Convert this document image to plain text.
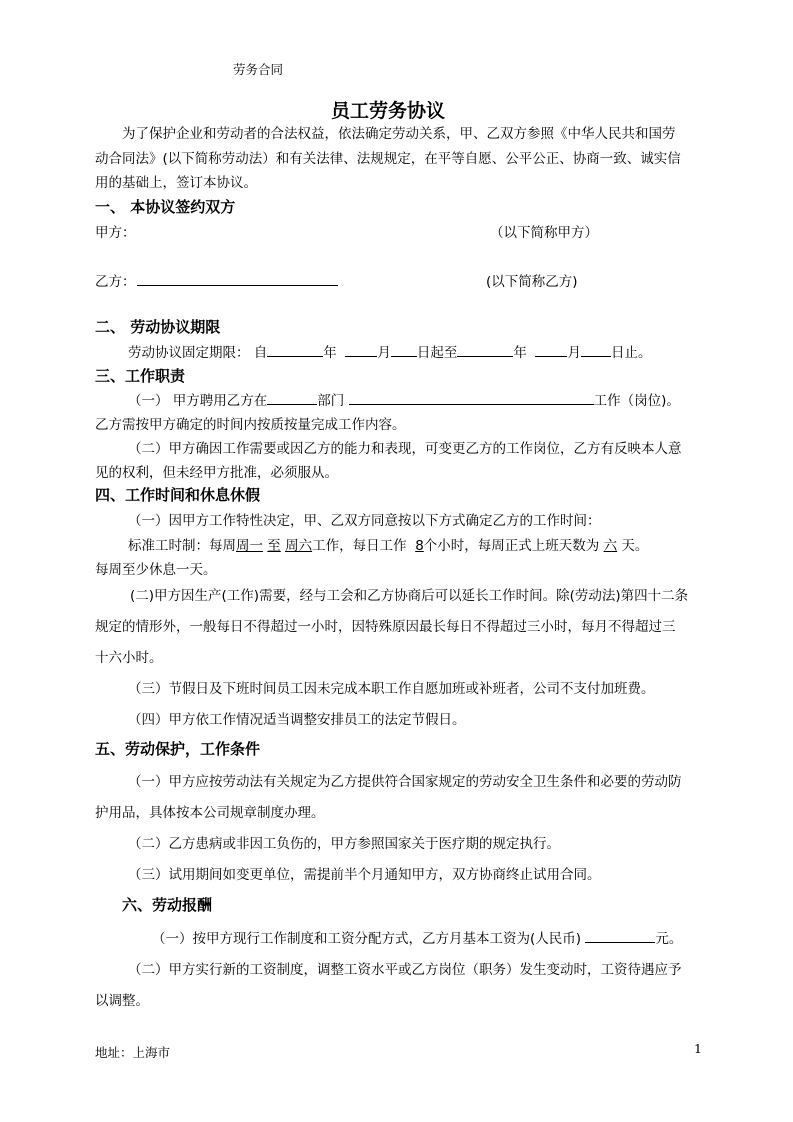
劳务合同
员工劳务协议
为了保护企业和劳动者的合法权益，依法确定劳动关系，甲、乙双方参照《中华人民共和国劳
动合同法》(以下简称劳动法）和有关法律、法规规定，在平等自愿、公平公正、协商一致、诚实信
用的基础上，签订本协议。
一、 本协议签约双方
甲方：	（以下简称甲方）
乙方：	(以下简称乙方)
二、 劳动协议期限
劳动协议固定期限： 自	年	月 日起至	年	月 日止。
三、工作职责
（一） 甲方聘用乙方在	部门	工作（岗位)。
乙方需按甲方确定的时间内按质按量完成工作内容。
（二）甲方确因工作需要或因乙方的能力和表现，可变更乙方的工作岗位，乙方有反映本人意
见的权利，但未经甲方批准，必须服从。
四、工作时间和休息休假
（一）因甲方工作特性决定，甲、乙双方同意按以下方式确定乙方的工作时间：
标准工时制：每周周一 至 周六工作，每日工作 8个小时，每周正式上班天数为 六 天。
每周至少休息一天。
(二)甲方因生产(工作)需要，经与工会和乙方协商后可以延长工作时间。除(劳动法)第四十二条
规定的情形外，一般每日不得超过一小时，因特殊原因最长每日不得超过三小时，每月不得超过三
十六小时。
（三）节假日及下班时间员工因未完成本职工作自愿加班或补班者，公司不支付加班费。
（四）甲方依工作情况适当调整安排员工的法定节假日。
五、劳动保护，工作条件
（一）甲方应按劳动法有关规定为乙方提供符合国家规定的劳动安全卫生条件和必要的劳动防
护用品，具体按本公司规章制度办理。
（二）乙方患病或非因工负伤的，甲方参照国家关于医疗期的规定执行。
（三）试用期间如变更单位，需提前半个月通知甲方，双方协商终止试用合同。
六、劳动报酬
（一）按甲方现行工作制度和工资分配方式，乙方月基本工资为(人民币)	元。
（二）甲方实行新的工资制度，调整工资水平或乙方岗位（职务）发生变动时，工资待遇应予
以调整。
地址：上海市	1
